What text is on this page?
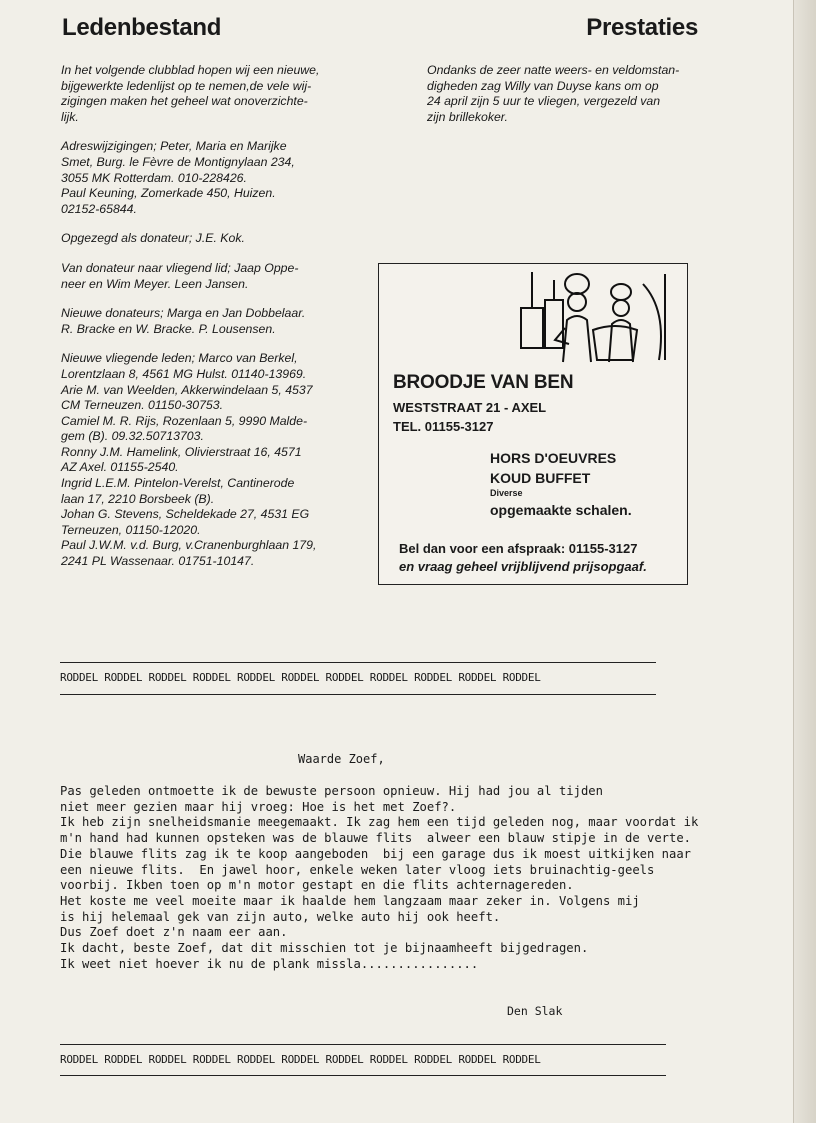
Ledenbestand	Prestaties

In het volgende clubblad hopen wij een nieuwe,
bijgewerkte ledenlijst op te nemen,de vele wij-
zigingen maken het geheel wat onoverzichte-
lijk.

Adreswijzigingen; Peter, Maria en Marijke
Smet, Burg. le Fèvre de Montignylaan 234,
3055 MK Rotterdam. 010-228426.
Paul Keuning, Zomerkade 450, Huizen.
02152-65844.

Opgezegd als donateur; J.E. Kok.

Van donateur naar vliegend lid; Jaap Oppe-
neer en Wim Meyer. Leen Jansen.

Nieuwe donateurs; Marga en Jan Dobbelaar.
R. Bracke en W. Bracke. P. Lousensen.

Nieuwe vliegende leden; Marco van Berkel,
Lorentzlaan 8, 4561 MG Hulst. 01140-13969.
Arie M. van Weelden, Akkerwindelaan 5, 4537
CM Terneuzen. 01150-30753.
Camiel M. R. Rijs, Rozenlaan 5, 9990 Malde-
gem (B). 09.32.50713703.
Ronny J.M. Hamelink, Olivierstraat 16, 4571
AZ Axel. 01155-2540.
Ingrid L.E.M. Pintelon-Verelst, Cantinerode
laan 17, 2210 Borsbeek (B).
Johan G. Stevens, Scheldekade 27, 4531 EG
Terneuzen, 01150-12020.
Paul J.W.M. v.d. Burg, v.Cranenburghlaan 179,
2241 PL Wassenaar. 01751-10147.

Ondanks de zeer natte weers- en veldomstan-
digheden zag Willy van Duyse kans om op
24 april zijn 5 uur te vliegen, vergezeld van
zijn brillekoker.
BROODJE VAN BEN
WESTSTRAAT 21 - AXEL
TEL. 01155-3127
HORS D'OEUVRES
KOUD BUFFET
Diverse
opgemaakte schalen.
Bel dan voor een afspraak: 01155-3127
en vraag geheel vrijblijvend prijsopgaaf.
RODDEL RODDEL RODDEL RODDEL RODDEL RODDEL RODDEL RODDEL RODDEL RODDEL RODDEL
Waarde Zoef,
Pas geleden ontmoette ik de bewuste persoon opnieuw. Hij had jou al tijden
niet meer gezien maar hij vroeg: Hoe is het met Zoef?.
Ik heb zijn snelheidsmanie meegemaakt. Ik zag hem een tijd geleden nog, maar voordat ik
m'n hand had kunnen opsteken was de blauwe flits  alweer een blauw stipje in de verte.
Die blauwe flits zag ik te koop aangeboden  bij een garage dus ik moest uitkijken naar
een nieuwe flits.  En jawel hoor, enkele weken later vloog iets bruinachtig-geels
voorbij. Ikben toen op m'n motor gestapt en die flits achternagereden.
Het koste me veel moeite maar ik haalde hem langzaam maar zeker in. Volgens mij
is hij helemaal gek van zijn auto, welke auto hij ook heeft.
Dus Zoef doet z'n naam eer aan.
Ik dacht, beste Zoef, dat dit misschien tot je bijnaamheeft bijgedragen.
Ik weet niet hoever ik nu de plank missla................
Den Slak
RODDEL RODDEL RODDEL RODDEL RODDEL RODDEL RODDEL RODDEL RODDEL RODDEL RODDEL
